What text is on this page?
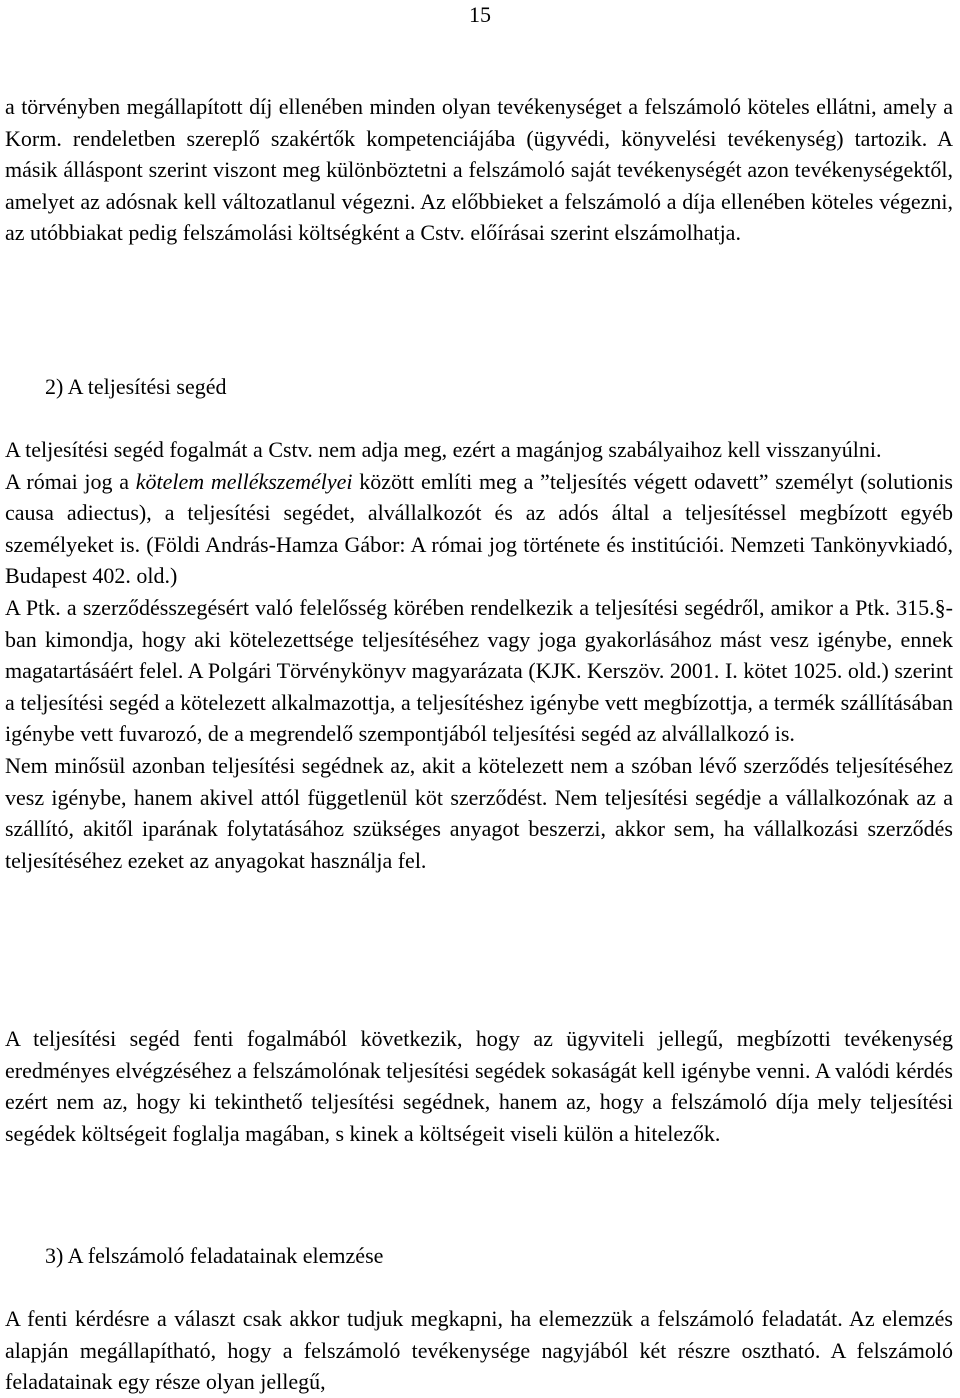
15

a törvényben megállapított díj ellenében minden olyan tevékenységet a felszámoló köteles ellátni, amely a Korm. rendeletben szereplő szakértők kompetenciájába (ügyvédi, könyvelési tevékenység) tartozik. A másik álláspont szerint viszont meg különböztetni a felszámoló saját tevékenységét azon tevékenységektől, amelyet az adósnak kell változatlanul végezni. Az előbbieket a felszámoló a díja ellenében köteles végezni, az utóbbiakat pedig felszámolási költségként a Cstv. előírásai szerint elszámolhatja.

2) A teljesítési segéd

A teljesítési segéd fogalmát a Cstv. nem adja meg, ezért a magánjog szabályaihoz kell visszanyúlni.

A római jog a kötelem mellékszemélyei között említi meg a ”teljesítés végett odavett” személyt (solutionis causa adiectus), a teljesítési segédet, alvállalkozót és az adós által a teljesítéssel megbízott egyéb személyeket is. (Földi András-Hamza Gábor: A római jog története és institúciói. Nemzeti Tankönyvkiadó, Budapest 402. old.)

A Ptk. a szerződésszegésért való felelősség körében rendelkezik a teljesítési segédről, amikor a Ptk. 315.§-ban kimondja, hogy aki kötelezettsége teljesítéséhez vagy joga gyakorlásához mást vesz igénybe, ennek magatartásáért felel. A Polgári Törvénykönyv magyarázata (KJK. Kerszöv. 2001. I. kötet 1025. old.) szerint a teljesítési segéd a kötelezett alkalmazottja, a teljesítéshez igénybe vett megbízottja, a termék szállításában igénybe vett fuvarozó, de a megrendelő szempontjából teljesítési segéd az alvállalkozó is.

Nem minősül azonban teljesítési segédnek az, akit a kötelezett nem a szóban lévő szerződés teljesítéséhez vesz igénybe, hanem akivel attól függetlenül köt szerződést. Nem teljesítési segédje a vállalkozónak az a szállító, akitől iparának folytatásához szükséges anyagot beszerzi, akkor sem, ha vállalkozási szerződés teljesítéséhez ezeket az anyagokat használja fel.

A teljesítési segéd fenti fogalmából következik, hogy az ügyviteli jellegű, megbízotti tevékenység eredményes elvégzéséhez a felszámolónak teljesítési segédek sokaságát kell igénybe venni. A valódi kérdés ezért nem az, hogy ki tekinthető teljesítési segédnek, hanem az, hogy a felszámoló díja mely teljesítési segédek költségeit foglalja magában, s kinek a költségeit viseli külön a hitelezők.

3) A felszámoló feladatainak elemzése

A fenti kérdésre a választ csak akkor tudjuk megkapni, ha elemezzük a felszámoló feladatát. Az elemzés alapján megállapítható, hogy a felszámoló tevékenysége nagyjából két részre osztható. A felszámoló feladatainak egy része olyan jellegű,
